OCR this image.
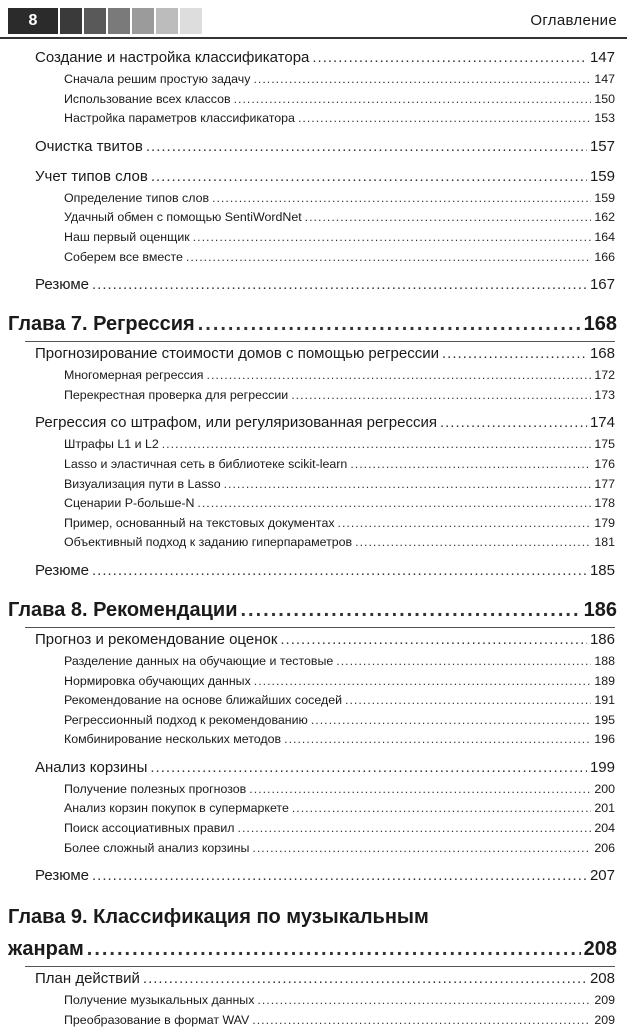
8	Оглавление
Создание и настройка классификатора .....	147
Сначала решим простую задачу .....	147
Использование всех классов .....	150
Настройка параметров классификатора .....	153
Очистка твитов .....	157
Учет типов слов .....	159
Определение типов слов .....	159
Удачный обмен с помощью SentiWordNet .....	162
Наш первый оценщик .....	164
Соберем все вместе .....	166
Резюме .....	167
Глава 7. Регрессия .....	168
Прогнозирование стоимости домов с помощью регрессии .....	168
Многомерная регрессия .....	172
Перекрестная проверка для регрессии .....	173
Регрессия со штрафом, или регуляризованная регрессия .....	174
Штрафы L1 и L2 .....	175
Lasso и эластичная сеть в библиотеке scikit-learn .....	176
Визуализация пути в Lasso .....	177
Сценарии P-больше-N .....	178
Пример, основанный на текстовых документах .....	179
Объективный подход к заданию гиперпараметров .....	181
Резюме .....	185
Глава 8. Рекомендации .....	186
Прогноз и рекомендование оценок .....	186
Разделение данных на обучающие и тестовые .....	188
Нормировка обучающих данных .....	189
Рекомендование на основе ближайших соседей .....	191
Регрессионный подход к рекомендованию .....	195
Комбинирование нескольких методов .....	196
Анализ корзины .....	199
Получение полезных прогнозов .....	200
Анализ корзин покупок в супермаркете .....	201
Поиск ассоциативных правил .....	204
Более сложный анализ корзины .....	206
Резюме .....	207
Глава 9. Классификация по музыкальным
жанрам .....	208
План действий .....	208
Получение музыкальных данных .....	209
Преобразование в формат WAV .....	209
